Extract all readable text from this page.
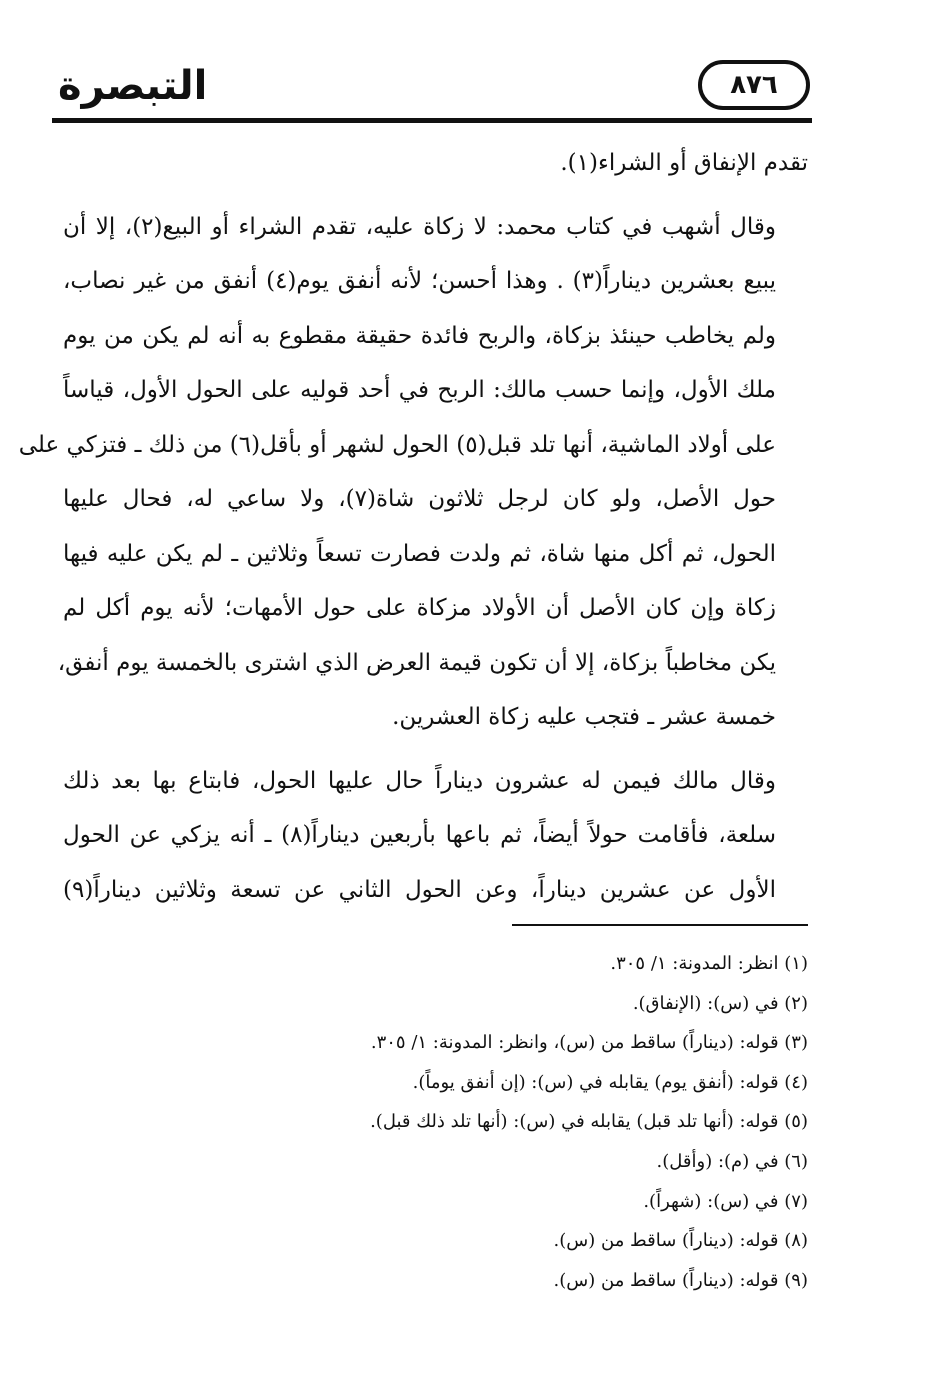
التبصرة	٨٧٦

تقدم الإنفاق أو الشراء(١).

وقال أشهب في كتاب محمد: لا زكاة عليه، تقدم الشراء أو البيع(٢)، إلا أن
يبيع بعشرين ديناراً(٣) . وهذا أحسن؛ لأنه أنفق يوم(٤) أنفق من غير نصاب،
ولم يخاطب حينئذ بزكاة، والربح فائدة حقيقة مقطوع به أنه لم يكن من يوم
ملك الأول، وإنما حسب مالك: الربح في أحد قوليه على الحول الأول، قياساً
على أولاد الماشية، أنها تلد قبل(٥) الحول لشهر أو بأقل(٦) من ذلك ـ فتزكي على
حول الأصل، ولو كان لرجل ثلاثون شاة(٧)، ولا ساعي له، فحال عليها
الحول، ثم أكل منها شاة، ثم ولدت فصارت تسعاً وثلاثين ـ لم يكن عليه فيها
زكاة وإن كان الأصل أن الأولاد مزكاة على حول الأمهات؛ لأنه يوم أكل لم
يكن مخاطباً بزكاة، إلا أن تكون قيمة العرض الذي اشترى بالخمسة يوم أنفق،
خمسة عشر ـ فتجب عليه زكاة العشرين.

وقال مالك فيمن له عشرون ديناراً حال عليها الحول، فابتاع بها بعد ذلك
سلعة، فأقامت حولاً أيضاً، ثم باعها بأربعين ديناراً(٨) ـ أنه يزكي عن الحول
الأول عن عشرين ديناراً، وعن الحول الثاني عن تسعة وثلاثين ديناراً(٩)

(١) انظر: المدونة: ١/ ٣٠٥.
(٢) في (س): (الإنفاق).
(٣) قوله: (ديناراً) ساقط من (س)، وانظر: المدونة: ١/ ٣٠٥.
(٤) قوله: (أنفق يوم) يقابله في (س): (إن أنفق يوماً).
(٥) قوله: (أنها تلد قبل) يقابله في (س): (أنها تلد ذلك قبل).
(٦) في (م): (وأقل).
(٧) في (س): (شهراً).
(٨) قوله: (ديناراً) ساقط من (س).
(٩) قوله: (ديناراً) ساقط من (س).
